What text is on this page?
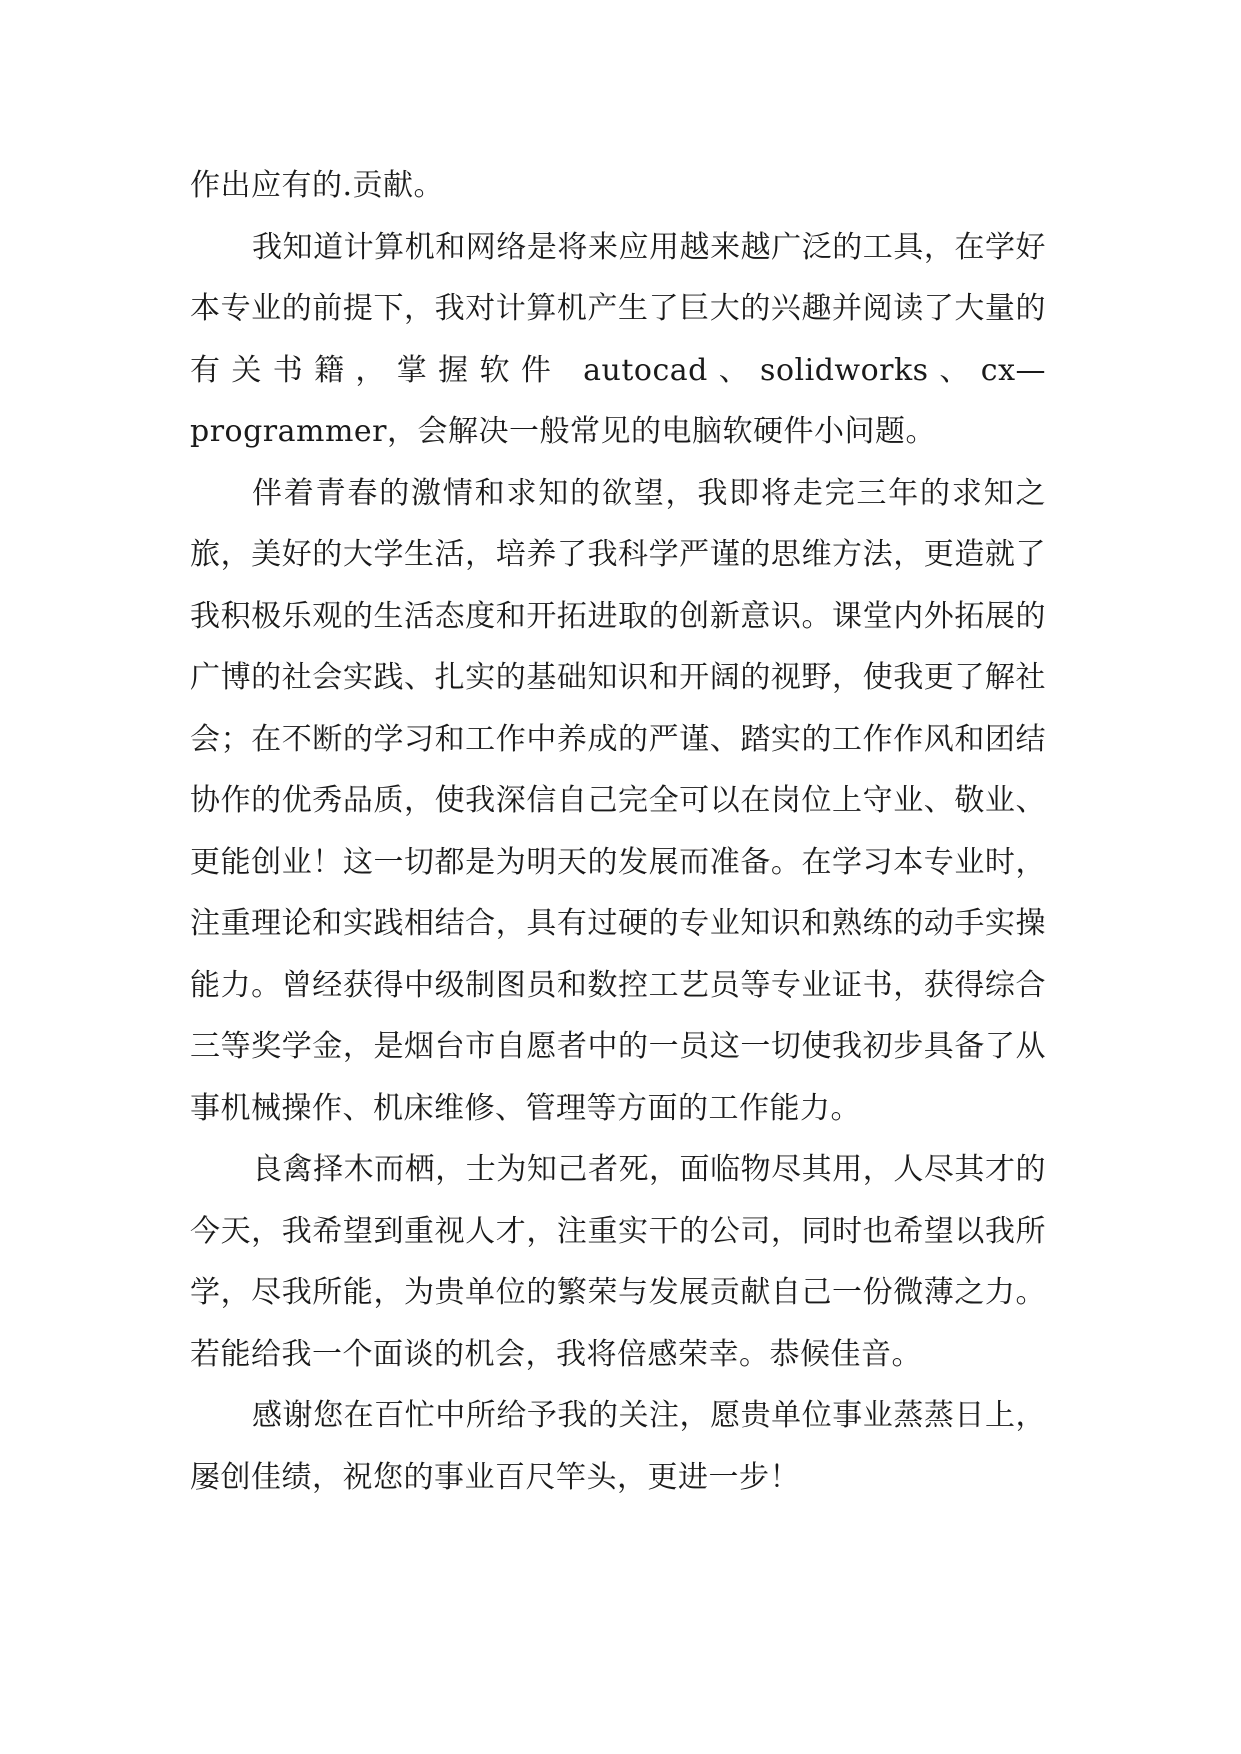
作出应有的.贡献。

我知道计算机和网络是将来应用越来越广泛的工具，在学好本专业的前提下，我对计算机产生了巨大的兴趣并阅读了大量的有关书籍，掌握软件 autocad、solidworks、cx—programmer，会解决一般常见的电脑软硬件小问题。

伴着青春的激情和求知的欲望，我即将走完三年的求知之旅，美好的大学生活，培养了我科学严谨的思维方法，更造就了我积极乐观的生活态度和开拓进取的创新意识。课堂内外拓展的广博的社会实践、扎实的基础知识和开阔的视野，使我更了解社会；在不断的学习和工作中养成的严谨、踏实的工作作风和团结协作的优秀品质，使我深信自己完全可以在岗位上守业、敬业、更能创业！这一切都是为明天的发展而准备。在学习本专业时，注重理论和实践相结合，具有过硬的专业知识和熟练的动手实操能力。曾经获得中级制图员和数控工艺员等专业证书，获得综合三等奖学金，是烟台市自愿者中的一员这一切使我初步具备了从事机械操作、机床维修、管理等方面的工作能力。

良禽择木而栖，士为知己者死，面临物尽其用，人尽其才的今天，我希望到重视人才，注重实干的公司，同时也希望以我所学，尽我所能，为贵单位的繁荣与发展贡献自己一份微薄之力。若能给我一个面谈的机会，我将倍感荣幸。恭候佳音。

感谢您在百忙中所给予我的关注，愿贵单位事业蒸蒸日上，屡创佳绩，祝您的事业百尺竿头，更进一步！
